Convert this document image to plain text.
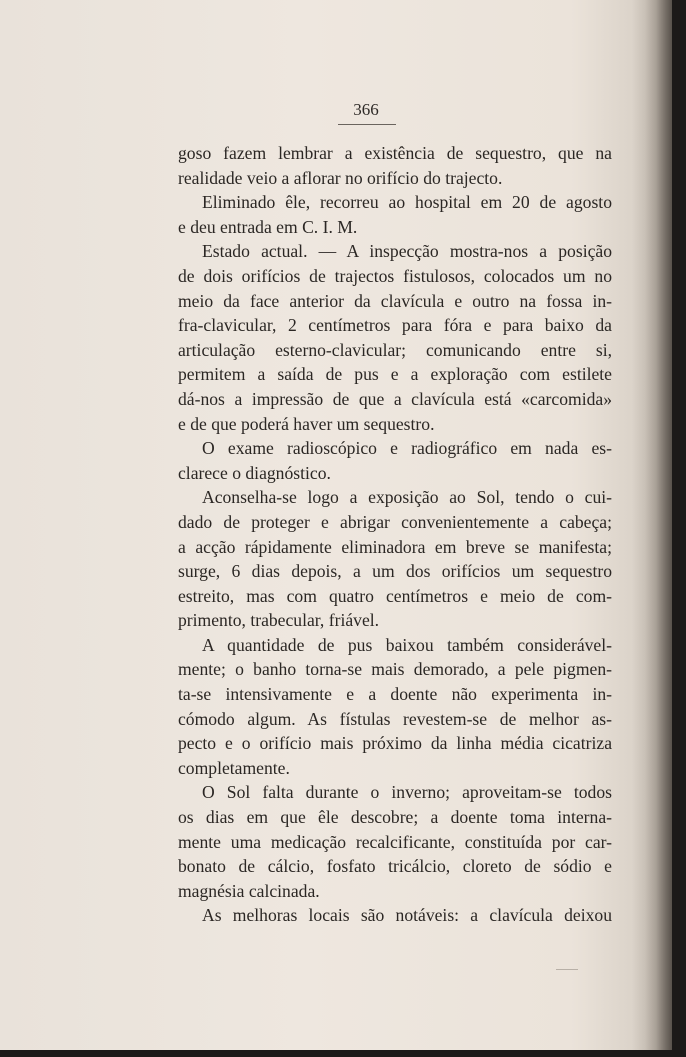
366
goso fazem lembrar a existência de sequestro, que na
realidade veio a aflorar no orifício do trajecto.
Eliminado êle, recorreu ao hospital em 20 de agosto
e deu entrada em C. I. M.
Estado actual. — A inspecção mostra-nos a posição
de dois orifícios de trajectos fistulosos, colocados um no
meio da face anterior da clavícula e outro na fossa in-
fra-clavicular, 2 centímetros para fóra e para baixo da
articulação esterno-clavicular; comunicando entre si,
permitem a saída de pus e a exploração com estilete
dá-nos a impressão de que a clavícula está «carcomida»
e de que poderá haver um sequestro.
O exame radioscópico e radiográfico em nada es-
clarece o diagnóstico.
Aconselha-se logo a exposição ao Sol, tendo o cui-
dado de proteger e abrigar convenientemente a cabeça;
a acção rápidamente eliminadora em breve se manifesta;
surge, 6 dias depois, a um dos orifícios um sequestro
estreito, mas com quatro centímetros e meio de com-
primento, trabecular, friável.
A quantidade de pus baixou também considerável-
mente; o banho torna-se mais demorado, a pele pigmen-
ta-se intensivamente e a doente não experimenta in-
cómodo algum. As fístulas revestem-se de melhor as-
pecto e o orifício mais próximo da linha média cicatriza
completamente.
O Sol falta durante o inverno; aproveitam-se todos
os dias em que êle descobre; a doente toma interna-
mente uma medicação recalcificante, constituída por car-
bonato de cálcio, fosfato tricálcio, cloreto de sódio e
magnésia calcinada.
As melhoras locais são notáveis: a clavícula deixou
